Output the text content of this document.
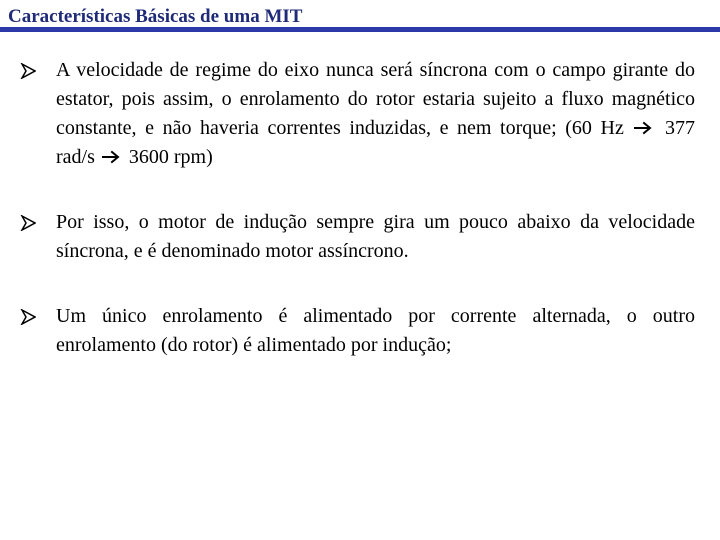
Características Básicas de uma MIT
A velocidade de regime do eixo nunca será síncrona com o campo girante do estator, pois assim, o enrolamento do rotor estaria sujeito a fluxo magnético constante, e não haveria correntes induzidas, e nem torque; (60 Hz 377 rad/s 3600 rpm)
Por isso, o motor de indução sempre gira um pouco abaixo da velocidade síncrona, e é denominado motor assíncrono.
Um único enrolamento é alimentado por corrente alternada, o outro enrolamento (do rotor) é alimentado por indução;
